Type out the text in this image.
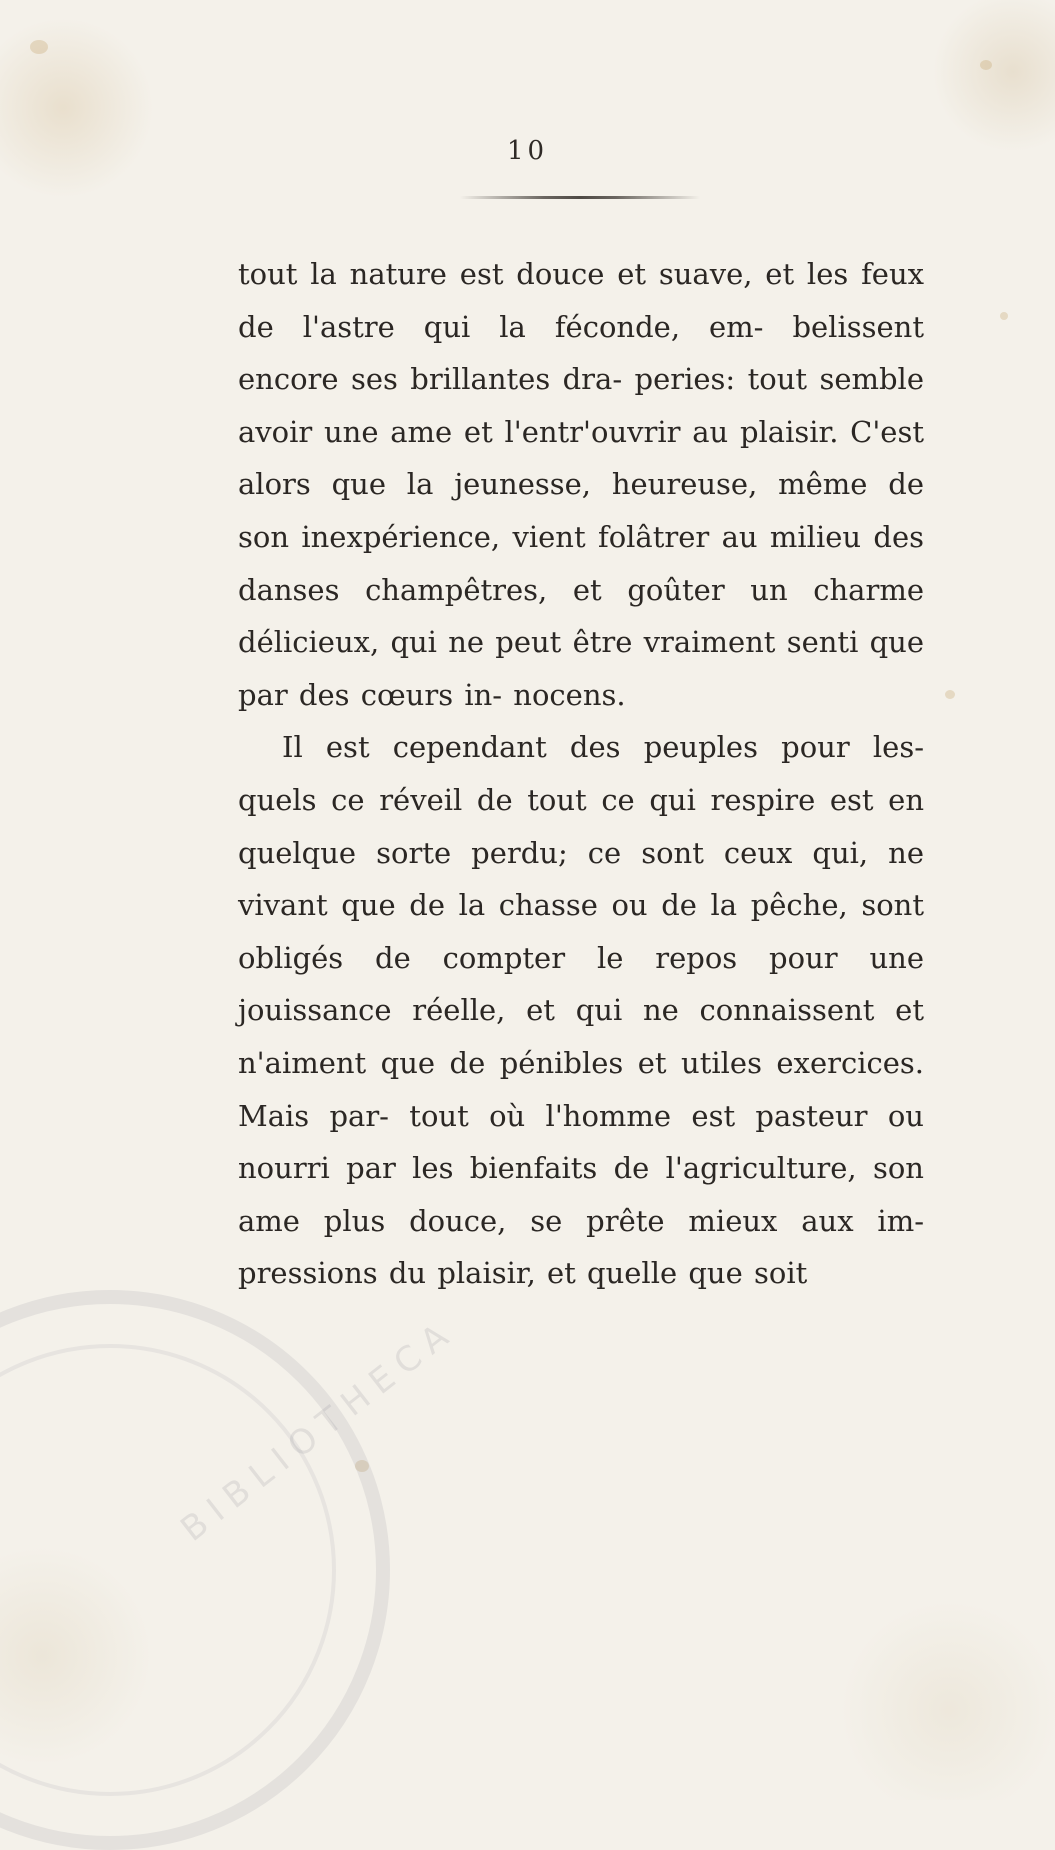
BIBLIOTHECA
10

tout la nature est douce et suave, et les feux de l'astre qui la féconde, em- belissent encore ses brillantes dra- peries: tout semble avoir une ame et l'entr'ouvrir au plaisir. C'est alors que la jeunesse, heureuse, même de son inexpérience, vient folâtrer au milieu des danses champêtres, et goûter un charme délicieux, qui ne peut être vraiment senti que par des cœurs in- nocens.

Il est cependant des peuples pour les- quels ce réveil de tout ce qui respire est en quelque sorte perdu; ce sont ceux qui, ne vivant que de la chasse ou de la pêche, sont obligés de compter le repos pour une jouissance réelle, et qui ne connaissent et n'aiment que de pénibles et utiles exercices. Mais par- tout où l'homme est pasteur ou nourri par les bienfaits de l'agriculture, son ame plus douce, se prête mieux aux im- pressions du plaisir, et quelle que soit
